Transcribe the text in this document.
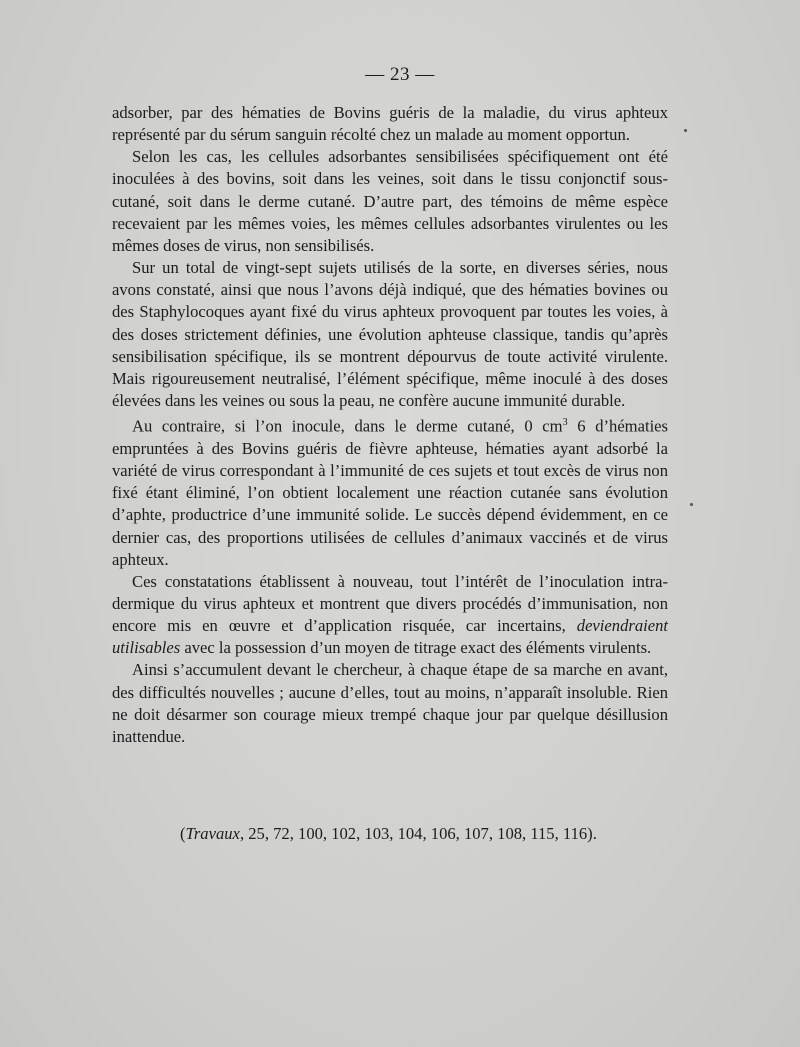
— 23 —

adsorber, par des hématies de Bovins guéris de la maladie, du virus aphteux représenté par du sérum sanguin récolté chez un malade au moment opportun.

Selon les cas, les cellules adsorbantes sensibilisées spécifiquement ont été inoculées à des bovins, soit dans les veines, soit dans le tissu conjonctif sous-cutané, soit dans le derme cutané. D’autre part, des témoins de même espèce recevaient par les mêmes voies, les mêmes cellules adsorbantes virulentes ou les mêmes doses de virus, non sensibilisés.

Sur un total de vingt-sept sujets utilisés de la sorte, en diverses séries, nous avons constaté, ainsi que nous l’avons déjà indiqué, que des hématies bovines ou des Staphylocoques ayant fixé du virus aphteux provoquent par toutes les voies, à des doses strictement définies, une évolution aphteuse classique, tandis qu’après sensibilisation spécifique, ils se montrent dépourvus de toute activité virulente. Mais rigoureusement neutralisé, l’élément spécifique, même inoculé à des doses élevées dans les veines ou sous la peau, ne confère aucune immunité durable.

Au contraire, si l’on inocule, dans le derme cutané, 0 $cm^3$ 6 d’hématies empruntées à des Bovins guéris de fièvre aphteuse, hématies ayant adsorbé la variété de virus correspondant à l’immunité de ces sujets et tout excès de virus non fixé étant éliminé, l’on obtient localement une réaction cutanée sans évolution d’aphte, productrice d’une immunité solide. Le succès dépend évidemment, en ce dernier cas, des proportions utilisées de cellules d’animaux vaccinés et de virus aphteux.

Ces constatations établissent à nouveau, tout l’intérêt de l’inoculation intra-dermique du virus aphteux et montrent que divers procédés d’immunisation, non encore mis en œuvre et d’application risquée, car incertains, deviendraient utilisables avec la possession d’un moyen de titrage exact des éléments virulents.

Ainsi s’accumulent devant le chercheur, à chaque étape de sa marche en avant, des difficultés nouvelles ; aucune d’elles, tout au moins, n’apparaît insoluble. Rien ne doit désarmer son courage mieux trempé chaque jour par quelque désillusion inattendue.

(Travaux, 25, 72, 100, 102, 103, 104, 106, 107, 108, 115, 116).
